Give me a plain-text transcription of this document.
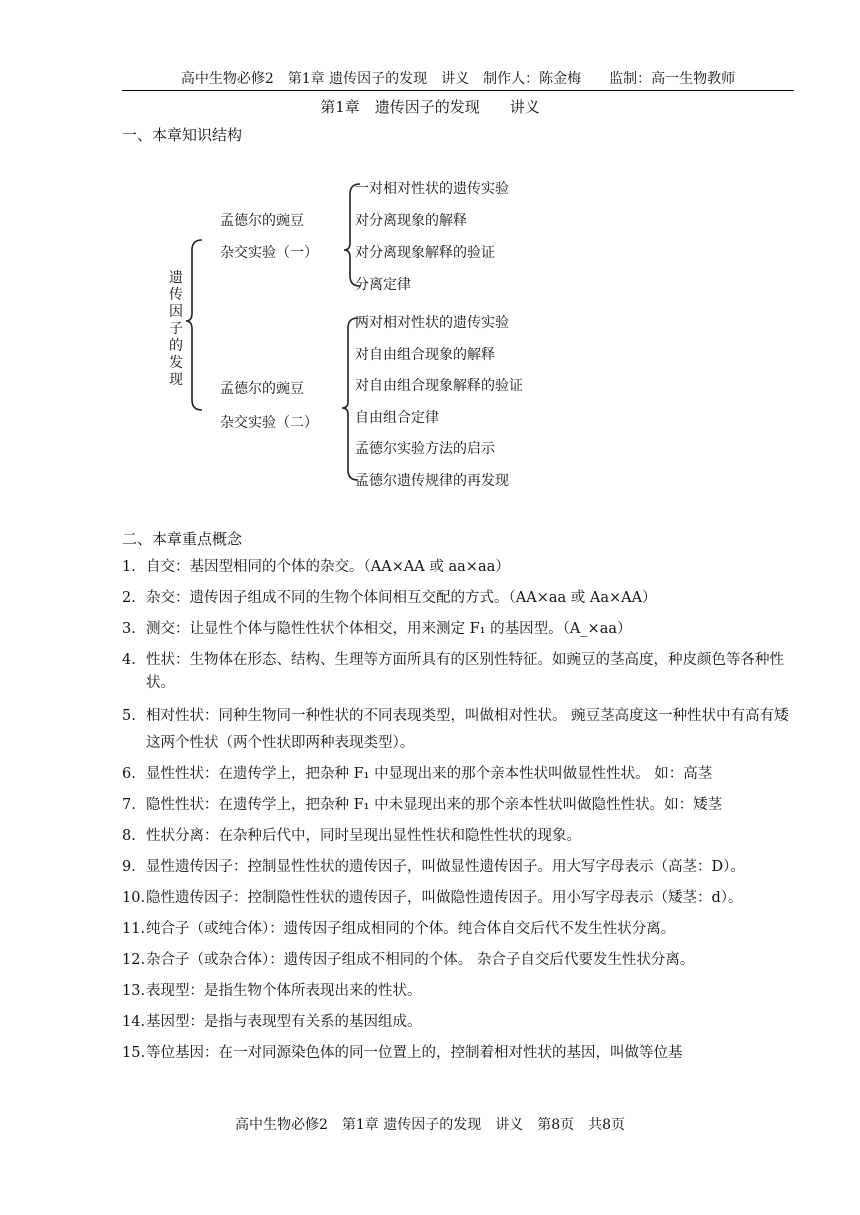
高中生物必修2　第1章 遗传因子的发现　讲义　制作人：陈金梅　　监制：高一生物教师
第1章　遗传因子的发现　　讲义
一、本章知识结构
遗
传
因
子
的
发
现
孟德尔的豌豆
杂交实验（一）
一对相对性状的遗传实验
对分离现象的解释
对分离现象解释的验证
分离定律
孟德尔的豌豆
杂交实验（二）
两对相对性状的遗传实验
对自由组合现象的解释
对自由组合现象解释的验证
自由组合定律
孟德尔实验方法的启示
孟德尔遗传规律的再发现
二、本章重点概念
1. 自交：基因型相同的个体的杂交。（AA×AA 或 aa×aa）
2. 杂交：遗传因子组成不同的生物个体间相互交配的方式。（AA×aa 或 Aa×AA）
3. 测交：让显性个体与隐性性状个体相交，用来测定 F₁ 的基因型。（A_×aa）
4. 性状：生物体在形态、结构、生理等方面所具有的区别性特征。如豌豆的茎高度，种皮颜色等各种性状。
5. 相对性状：同种生物同一种性状的不同表现类型，叫做相对性状。 豌豆茎高度这一种性状中有高有矮这两个性状（两个性状即两种表现类型）。
6. 显性性状：在遗传学上，把杂种 F₁ 中显现出来的那个亲本性状叫做显性性状。 如：高茎
7. 隐性性状：在遗传学上，把杂种 F₁ 中未显现出来的那个亲本性状叫做隐性性状。如：矮茎
8. 性状分离：在杂种后代中，同时呈现出显性性状和隐性性状的现象。
9. 显性遗传因子：控制显性性状的遗传因子，叫做显性遗传因子。用大写字母表示（高茎：D）。
10. 隐性遗传因子：控制隐性性状的遗传因子，叫做隐性遗传因子。用小写字母表示（矮茎：d）。
11. 纯合子（或纯合体）：遗传因子组成相同的个体。纯合体自交后代不发生性状分离。
12. 杂合子（或杂合体）：遗传因子组成不相同的个体。 杂合子自交后代要发生性状分离。
13. 表现型：是指生物个体所表现出来的性状。
14. 基因型：是指与表现型有关系的基因组成。
15. 等位基因：在一对同源染色体的同一位置上的，控制着相对性状的基因，叫做等位基
高中生物必修2　第1章 遗传因子的发现　讲义　第8页　共8页
